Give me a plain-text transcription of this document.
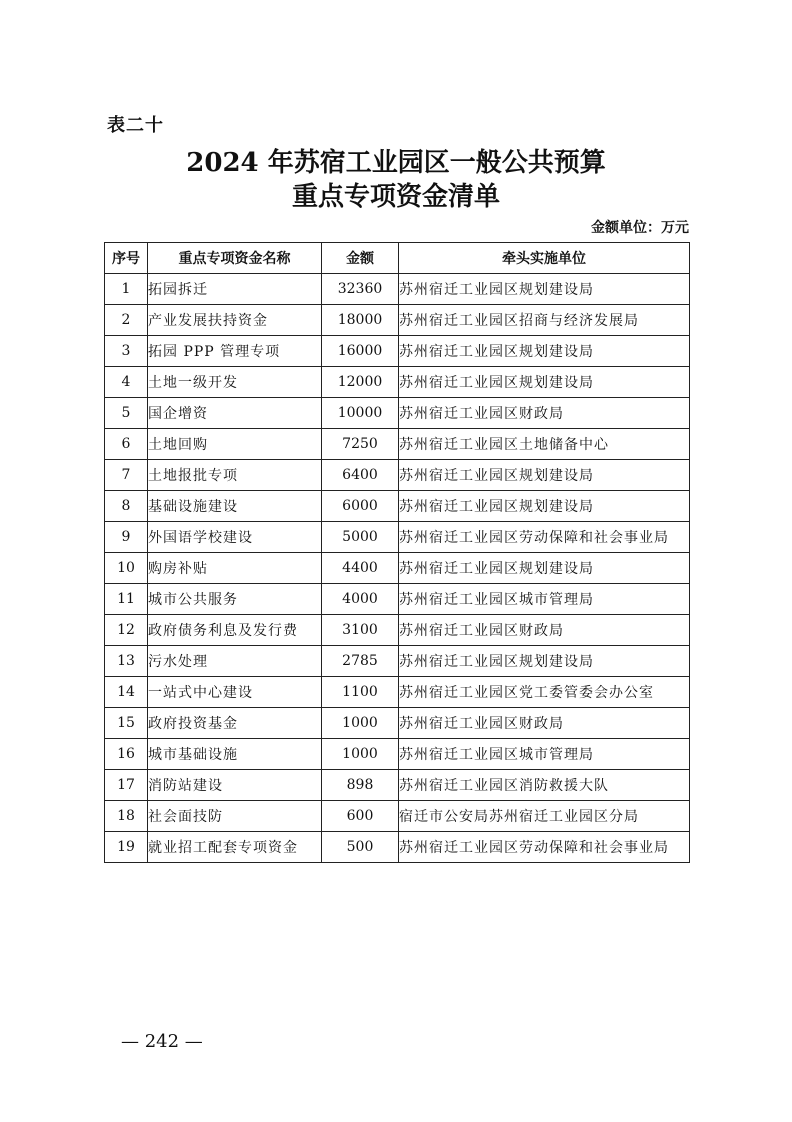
表二十
2024 年苏宿工业园区一般公共预算
重点专项资金清单
金额单位：万元
序号	重点专项资金名称	金额	牵头实施单位
1	拓园拆迁	32360	苏州宿迁工业园区规划建设局
2	产业发展扶持资金	18000	苏州宿迁工业园区招商与经济发展局
3	拓园 PPP 管理专项	16000	苏州宿迁工业园区规划建设局
4	土地一级开发	12000	苏州宿迁工业园区规划建设局
5	国企增资	10000	苏州宿迁工业园区财政局
6	土地回购	7250	苏州宿迁工业园区土地储备中心
7	土地报批专项	6400	苏州宿迁工业园区规划建设局
8	基础设施建设	6000	苏州宿迁工业园区规划建设局
9	外国语学校建设	5000	苏州宿迁工业园区劳动保障和社会事业局
10	购房补贴	4400	苏州宿迁工业园区规划建设局
11	城市公共服务	4000	苏州宿迁工业园区城市管理局
12	政府债务利息及发行费	3100	苏州宿迁工业园区财政局
13	污水处理	2785	苏州宿迁工业园区规划建设局
14	一站式中心建设	1100	苏州宿迁工业园区党工委管委会办公室
15	政府投资基金	1000	苏州宿迁工业园区财政局
16	城市基础设施	1000	苏州宿迁工业园区城市管理局
17	消防站建设	898	苏州宿迁工业园区消防救援大队
18	社会面技防	600	宿迁市公安局苏州宿迁工业园区分局
19	就业招工配套专项资金	500	苏州宿迁工业园区劳动保障和社会事业局
— 242 —
